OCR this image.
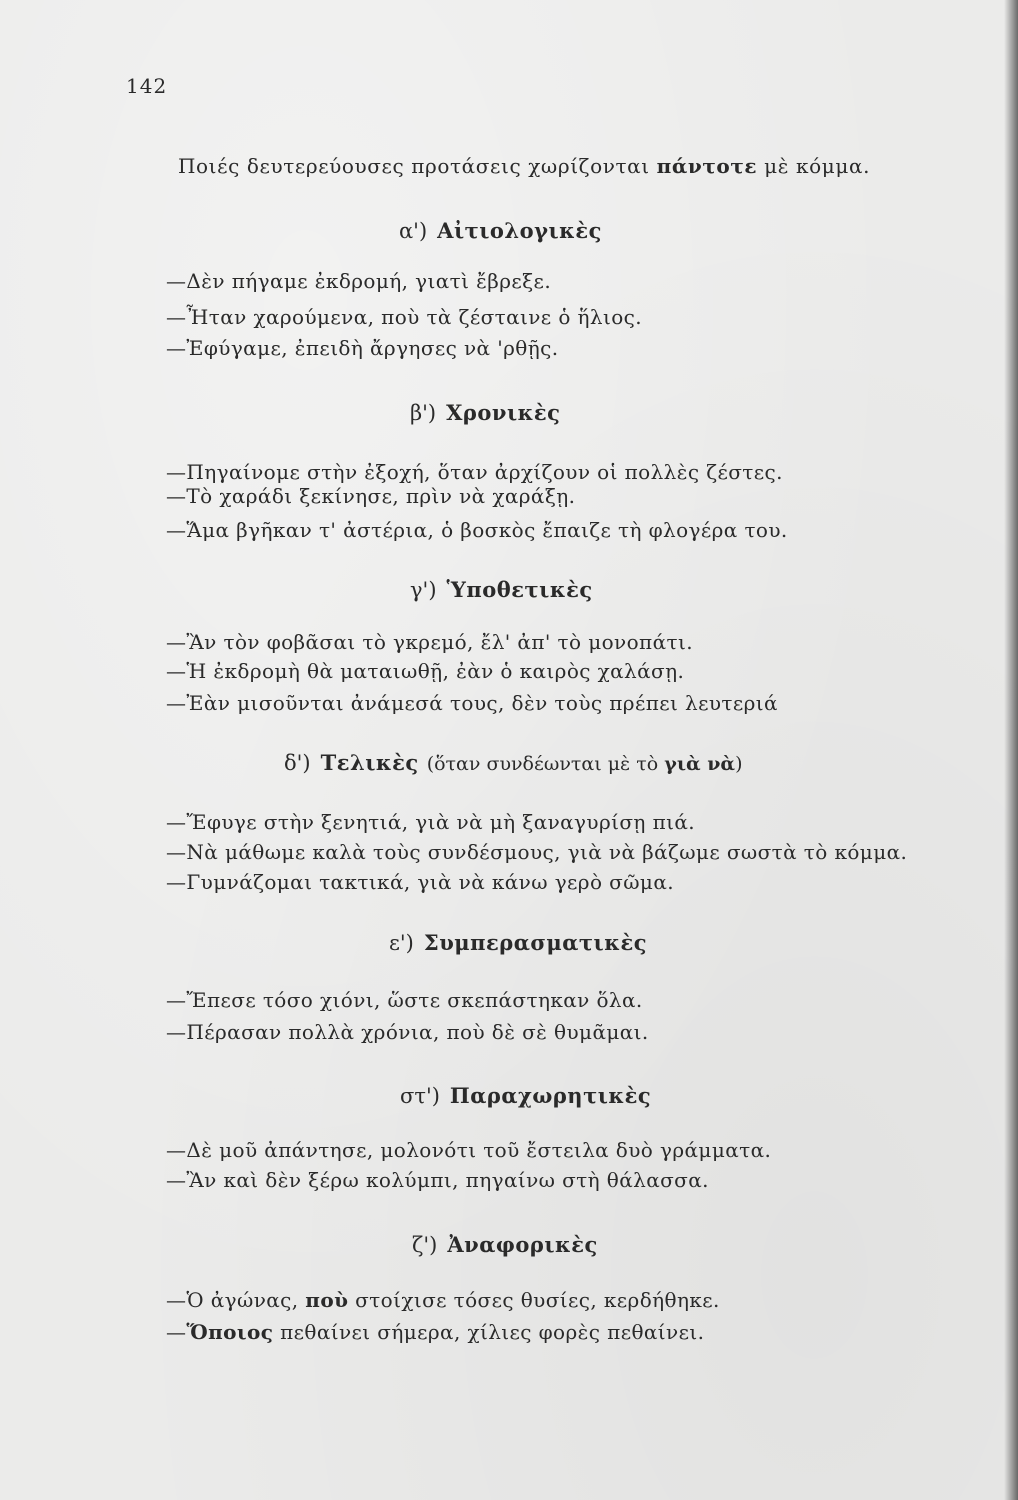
142
Ποιές δευτερεύουσες προτάσεις χωρίζονται πάντοτε μὲ κόμμα.
α') Αἰτιολογικὲς
—Δὲν πήγαμε ἐκδρομή, γιατὶ ἔβρεξε.
—Ἦταν χαρούμενα, ποὺ τὰ ζέσταινε ὁ ἥλιος.
—Ἐφύγαμε, ἐπειδὴ ἄργησες νὰ 'ρθῇς.
β') Χρονικὲς
—Πηγαίνομε στὴν ἐξοχή, ὅταν ἀρχίζουν οἱ πολλὲς ζέστες.
—Τὸ χαράδι ξεκίνησε, πρὶν νὰ χαράξῃ.
—Ἅμα βγῆκαν τ' ἀστέρια, ὁ βοσκὸς ἔπαιζε τὴ φλογέρα του.
γ') Ὑποθετικὲς
—Ἂν τὸν φοβᾶσαι τὸ γκρεμό, ἔλ' ἀπ' τὸ μονοπάτι.
—Ἡ ἐκδρομὴ θὰ ματαιωθῇ, ἐὰν ὁ καιρὸς χαλάσῃ.
—Ἐὰν μισοῦνται ἀνάμεσά τους, δὲν τοὺς πρέπει λευτεριά
δ') Τελικὲς (ὅταν συνδέωνται μὲ τὸ γιὰ νὰ)
—Ἔφυγε στὴν ξενητιά, γιὰ νὰ μὴ ξαναγυρίσῃ πιά.
—Νὰ μάθωμε καλὰ τοὺς συνδέσμους, γιὰ νὰ βάζωμε σωστὰ τὸ κόμμα.
—Γυμνάζομαι τακτικά, γιὰ νὰ κάνω γερὸ σῶμα.
ε') Συμπερασματικὲς
—Ἔπεσε τόσο χιόνι, ὥστε σκεπάστηκαν ὅλα.
—Πέρασαν πολλὰ χρόνια, ποὺ δὲ σὲ θυμᾶμαι.
στ') Παραχωρητικὲς
—Δὲ μοῦ ἀπάντησε, μολονότι τοῦ ἔστειλα δυὸ γράμματα.
—Ἂν καὶ δὲν ξέρω κολύμπι, πηγαίνω στὴ θάλασσα.
ζ') Ἀναφορικὲς
—Ὁ ἀγώνας, ποὺ στοίχισε τόσες θυσίες, κερδήθηκε.
—Ὅποιος πεθαίνει σήμερα, χίλιες φορὲς πεθαίνει.
